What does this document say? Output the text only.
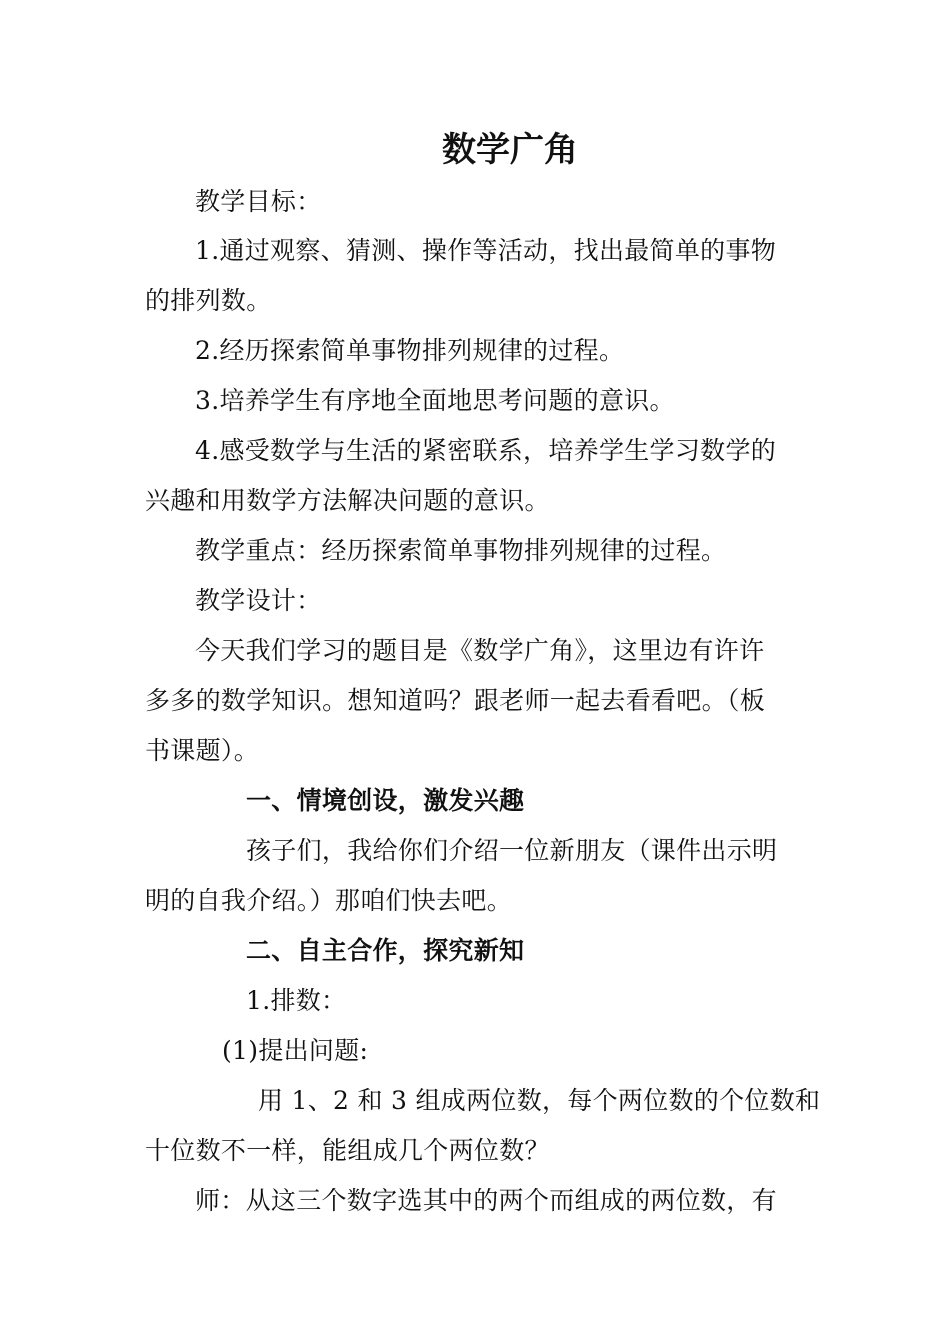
数学广角
教学目标：
1.通过观察、猜测、操作等活动，找出最简单的事物
的排列数。
2.经历探索简单事物排列规律的过程。
3.培养学生有序地全面地思考问题的意识。
4.感受数学与生活的紧密联系，培养学生学习数学的
兴趣和用数学方法解决问题的意识。
教学重点：经历探索简单事物排列规律的过程。
教学设计：
今天我们学习的题目是《数学广角》，这里边有许许
多多的数学知识。想知道吗？跟老师一起去看看吧。（板
书课题）。
一、情境创设，激发兴趣
孩子们，我给你们介绍一位新朋友（课件出示明
明的自我介绍。）那咱们快去吧。
二、自主合作，探究新知
1.排数：
(1)提出问题:
用 1、2 和 3 组成两位数，每个两位数的个位数和
十位数不一样，能组成几个两位数？
师：从这三个数字选其中的两个而组成的两位数，有
